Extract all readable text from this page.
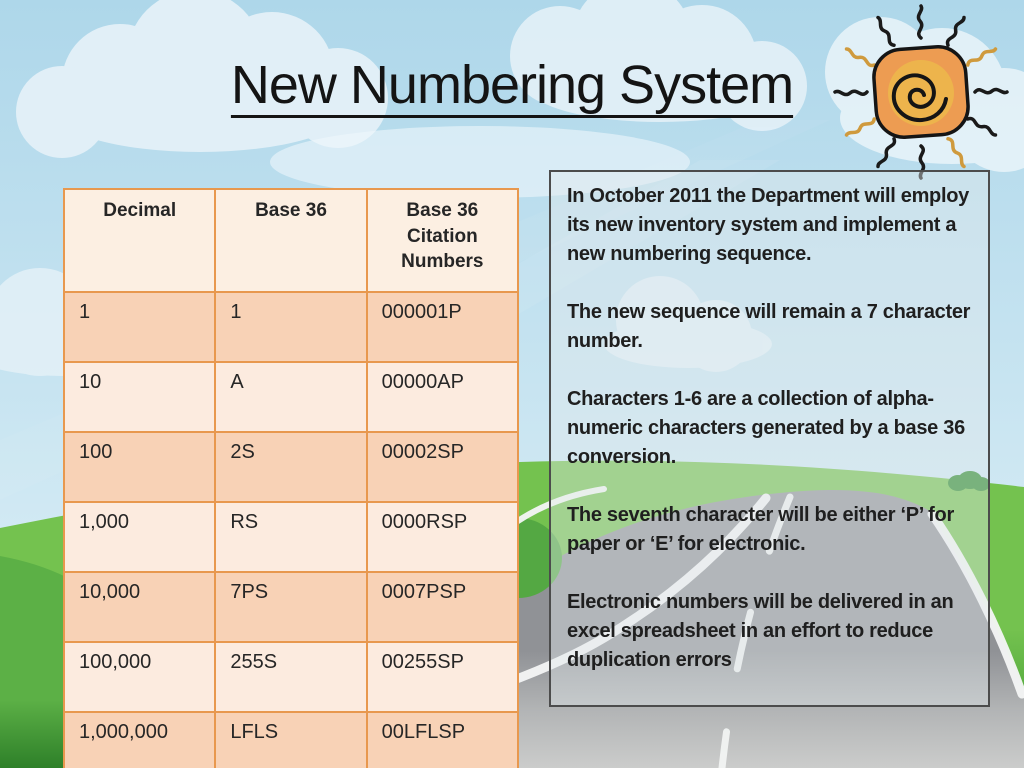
New Numbering System
Decimal	Base 36	Base 36 Citation Numbers
1	1	000001P
10	A	00000AP
100	2S	00002SP
1,000	RS	0000RSP
10,000	7PS	0007PSP
100,000	255S	00255SP
1,000,000	LFLS	00LFLSP

In October 2011 the Department will employ its new inventory system and implement a new numbering sequence.

The new sequence will remain a 7 character number.

Characters 1-6 are a collection of alpha-numeric characters generated by a base 36 conversion.

The seventh character will be either ‘P’ for paper or ‘E’ for electronic.

Electronic numbers will be delivered in an excel spreadsheet in an effort to reduce duplication errors
